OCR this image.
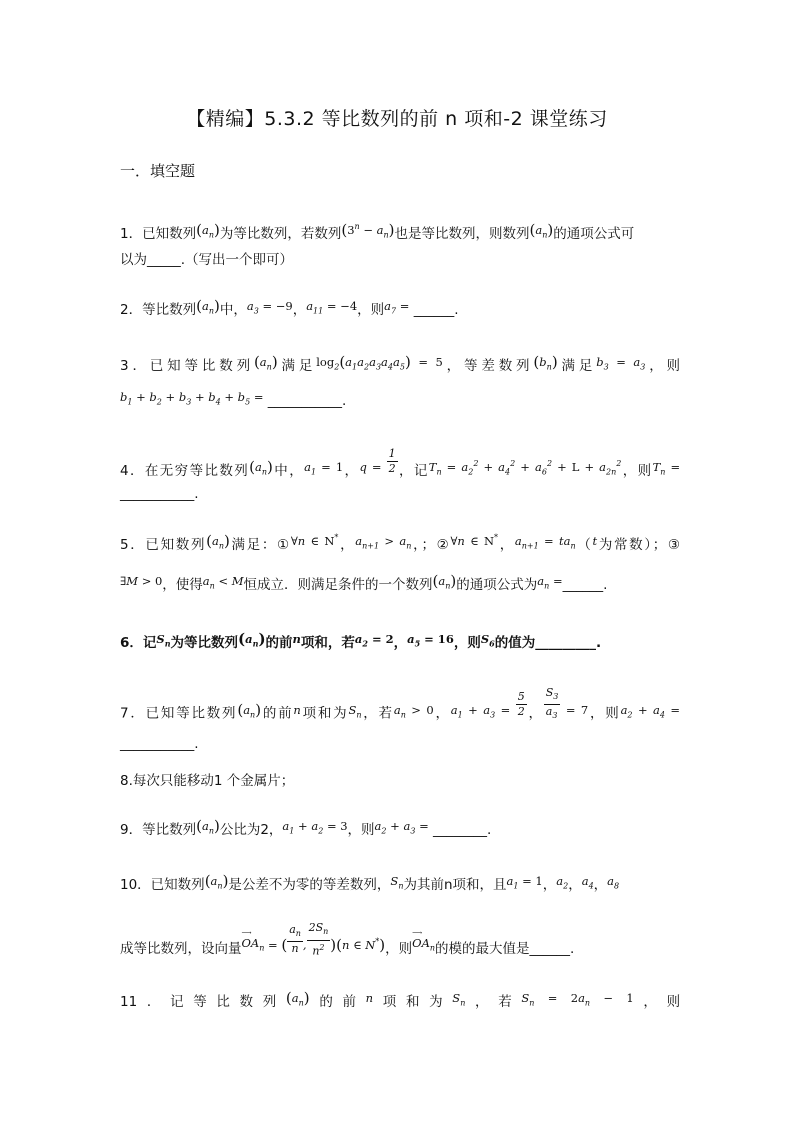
【精编】5.3.2 等比数列的前 n 项和-2 课堂练习
一．填空题
1．已知数列$(a_n)$为等比数列，若数列$(3^n - a_n)$也是等比数列，则数列$(a_n)$的通项公式可
以为_____.（写出一个即可）
2．等比数列$(a_n)$中，$a_3 = -9$，$a_{11} = -4$，则$a_7$ = ______.
3．已知等比数列$(a_n)$满足$\log_2(a_1a_2a_3a_4a_5) = 5$，等差数列$(b_n)$满足$b_3 = a_3$，则
$b_1 + b_2 + b_3 + b_4 + b_5$ = ___________.
4．在无穷等比数列$(a_n)$中，$a_1 = 1$，$q = \frac{1}{2}$ ，记$T_n = a_2^2 + a_4^2 + a_6^2 + L + a_{2n}^2$，则$T_n$ =
___________.
5．已知数列$(a_n)$满足：①∀n ∈ N*，$a_{n+1} > a_n$，；②∀n ∈ N*，$a_{n+1} = ta_n(t$为常数）；③
∃M > 0，使得$a_n < M$恒成立．则满足条件的一个数列$(a_n)$的通项公式为$a_n$ =______.
6．记$S_n$为等比数列$(a_n)$的前n项和，若$a_2 = 2$，$a_5 = 16$，则$S_6$的值为_________.
7．已知等比数列$(a_n)$的前n项和为$S_n$，若$a_n > 0$，$a_1 + a_3 = \frac{5}{2}$ ， $\frac{S_3}{a_3} = 7$，则$a_2 + a_4$ =
___________.
8.每次只能移动1 个金属片；
9．等比数列$(a_n)$公比为2，$a_1 + a_2 = 3$，则$a_2 + a_3$ = ________.
10．已知数列$(a_n)$是公差不为零的等差数列，$S_n$为其前n项和，且$a_1 = 1$，$a_2$，$a_4$，$a_8$
成等比数列，设向量
⟶
$OA_n$ = ( $\frac{a_n}{n}$ , $\frac{2S_n}{n^2} )(n$ ∈ N*)，则
⟶
$OA_n$的模的最大值是______.
11．记等比数列$(a_n)$的前n项和为$S_n$，若$S_n = 2a_n - 1$，则
